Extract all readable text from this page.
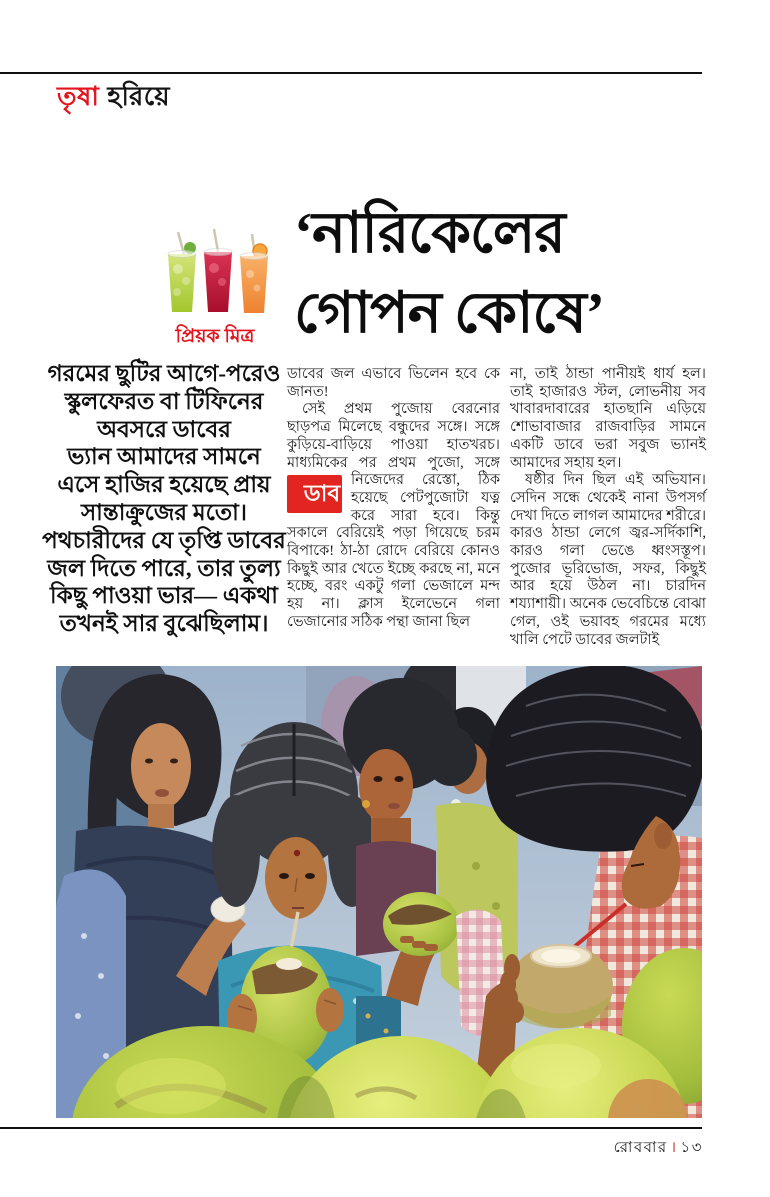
তৃষা হরিয়ে
প্রিয়ক মিত্র
‘নারিকেলের
গোপন কোষে’
গরমের ছুটির আগে-পরেও
স্কুলফেরত বা টিফিনের
অবসরে ডাবের
ভ্যান আমাদের সামনে
এসে হাজির হয়েছে প্রায়
সান্তাক্রুজের মতো।
পথচারীদের যে তৃপ্তি ডাবের
জল দিতে পারে, তার তুল্য
কিছু পাওয়া ভার— একথা
তখনই সার বুঝেছিলাম।

ডাবের জল এভাবে ভিলেন হবে কে জানত!

সেই প্রথম পুজোয় বেরনোর ছাড়পত্র মিলেছে বন্ধুদের সঙ্গে। সঙ্গে কুড়িয়ে-বাড়িয়ে পাওয়া হাতখরচ। মাধ্যমিকের পর প্রথম পুজো, সঙ্গে
ডাব
নিজেদের রেস্তো, ঠিক হয়েছে পেটপুজোটা যত্ন করে সারা হবে। কিন্তু সকালে বেরিয়েই পড়া গিয়েছে চরম বিপাকে! ঠা-ঠা রোদে বেরিয়ে কোনও কিছুই আর খেতে ইচ্ছে করছে না, মনে হচ্ছে, বরং একটু গলা ভেজালে মন্দ হয় না। ক্লাস ইলেভেনে গলা ভেজানোর সঠিক পন্থা জানা ছিল

না, তাই ঠান্ডা পানীয়ই ধার্য হল। তাই হাজারও স্টল, লোভনীয় সব খাবারদাবারের হাতছানি এড়িয়ে শোভাবাজার রাজবাড়ির সামনে একটি ডাবে ভরা সবুজ ভ্যানই আমাদের সহায় হল।

ষষ্ঠীর দিন ছিল এই অভিযান। সেদিন সন্ধে থেকেই নানা উপসর্গ দেখা দিতে লাগল আমাদের শরীরে। কারও ঠান্ডা লেগে জ্বর-সর্দিকাশি, কারও গলা ভেঙে ধ্বংসস্তূপ। পুজোর ভূরিভোজ, সফর, কিছুই আর হয়ে উঠল না। চারদিন শয্যাশায়ী। অনেক ভেবেচিন্তে বোঝা গেল, ওই ভয়াবহ গরমের মধ্যে খালি পেটে ডাবের জলটাই

রোববার । ১৩
